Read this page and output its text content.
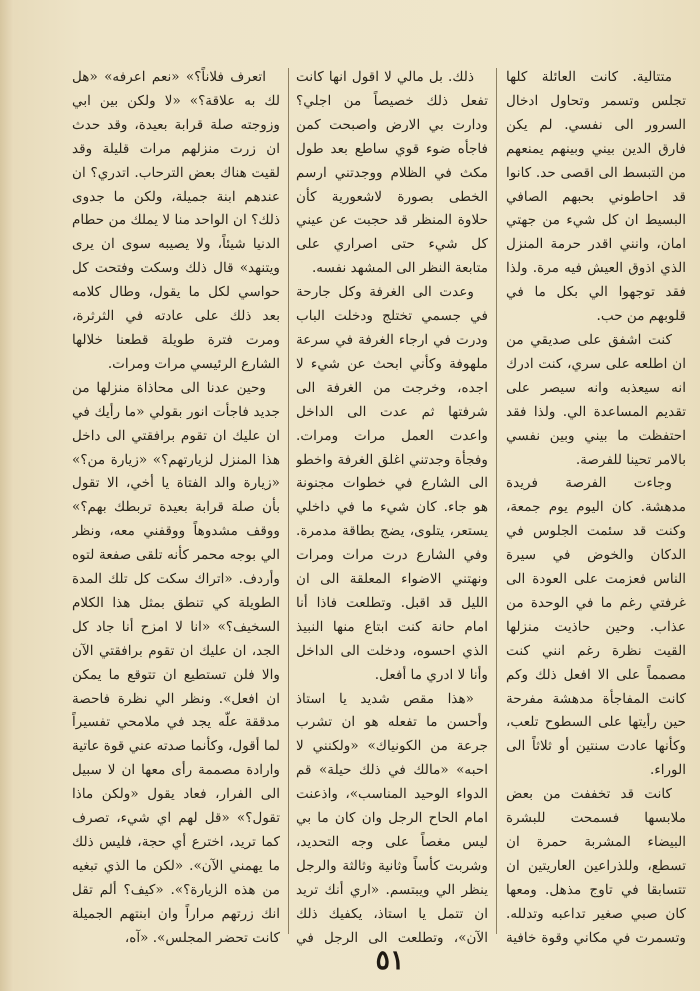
متتالية. كانت العائلة كلها تجلس وتسمر وتحاول ادخال السرور الى نفسي. لم يكن فارق الدين بيني وبينهم يمنعهم من التبسط الى اقصى حد. كانوا قد احاطوني بحبهم الصافي البسيط ان كل شيء من جهتي امان، وانني اقدر حرمة المنزل الذي اذوق العيش فيه مرة. ولذا فقد توجهوا الي بكل ما في قلوبهم من حب.

كنت اشفق على صديقي من ان اطلعه على سري، كنت ادرك انه سيعذبه وانه سيصر على تقديم المساعدة الي. ولذا فقد احتفظت ما بيني وبين نفسي بالامر تحينا للفرصة.

وجاءت الفرصة فريدة مدهشة. كان اليوم يوم جمعة، وكنت قد سئمت الجلوس في الدكان والخوض في سيرة الناس فعزمت على العودة الى غرفتي رغم ما في الوحدة من عذاب. وحين حاذيت منزلها القيت نظرة رغم انني كنت مصمماً على الا افعل ذلك وكم كانت المفاجأة مدهشة مفرحة حين رأيتها على السطوح تلعب، وكأنها عادت سنتين أو ثلاثاً الى الوراء.

كانت قد تخففت من بعض ملابسها فسمحت للبشرة البيضاء المشربة حمرة ان تسطع، وللذراعين العاريتين ان تتسابقا في تاوج مذهل. ومعها كان صبي صغير تداعبه وتدلله. وتسمرت في مكاني وقوة خافية

ذلك. بل مالي لا اقول انها كانت تفعل ذلك خصيصاً من اجلي؟ ودارت بي الارض واصبحت كمن فاجأه ضوء قوي ساطع بعد طول مكث في الظلام ووجدتني ارسم الخطى بصورة لاشعورية كأن حلاوة المنظر قد حجبت عن عيني كل شيء حتى اصراري على متابعة النظر الى المشهد نفسه.

وعدت الى الغرفة وكل جارحة في جسمي تختلج ودخلت الباب ودرت في ارجاء الغرفة في سرعة ملهوفة وكأني ابحث عن شيء لا اجده، وخرجت من الغرفة الى شرفتها ثم عدت الى الداخل واعدت العمل مرات ومرات. وفجأة وجدتني اغلق الغرفة واخطو الى الشارع في خطوات مجنونة هو جاء. كان شيء ما في داخلي يستعر، يتلوى، يضج بطاقة مدمرة. وفي الشارع درت مرات ومرات ونهتني الاضواء المعلقة الى ان الليل قد اقبل. وتطلعت فاذا أنا امام حانة كنت ابتاع منها النبيذ الذي احسوه، ودخلت الى الداخل وأنا لا ادري ما أفعل.

«هذا مقص شديد يا استاذ وأحسن ما تفعله هو ان تشرب جرعة من الكونياك» «ولكنني لا احبه» «مالك في ذلك حيلة» قم الدواء الوحيد المناسب»، واذعنت امام الحاح الرجل وان كان ما بي ليس مغصاً على وجه التحديد، وشربت كأساً وثانية وثالثة والرجل ينظر الي ويبتسم. «اري أنك تريد ان تتمل يا استاذ، يكفيك ذلك الآن»، وتطلعت الى الرجل في

اتعرف فلاناً؟» «نعم اعرفه» «هل لك به علاقة؟» «لا ولكن بين ابي وزوجته صلة قرابة بعيدة، وقد حدث ان زرت منزلهم مرات قليلة وقد لقيت هناك بعض الترحاب. اتدري؟ ان عندهم ابنة جميلة، ولكن ما جدوى ذلك؟ ان الواحد منا لا يملك من حطام الدنيا شيئاً، ولا يصيبه سوى ان يرى ويتنهد» قال ذلك وسكت وفتحت كل حواسي لكل ما يقول، وطال كلامه بعد ذلك على عادته في الثرثرة، ومرت فترة طويلة قطعنا خلالها الشارع الرئيسي مرات ومرات.

وحين عدنا الى محاذاة منزلها من جديد فاجأت انور بقولي «ما رأيك في ان عليك ان تقوم برافقتي الى داخل هذا المنزل لزيارتهم؟» «زيارة من؟» «زيارة والد الفتاة يا أخي، الا تقول بأن صلة قرابة بعيدة تربطك بهم؟» ووقف مشدوهاً ووقفني معه، ونظر الي بوجه محمر كأنه تلقى صفعة لتوه وأردف. «اتراك سكت كل تلك المدة الطويلة كي تنطق بمثل هذا الكلام السخيف؟» «انا لا امزح أنا جاد كل الجد، ان عليك ان تقوم برافقتي الآن والا فلن تستطيع ان تتوقع ما يمكن ان افعل». ونظر الي نظرة فاحصة مدققة علّه يجد في ملامحي تفسيراً لما أقول، وكأنما صدته عني قوة عاتية وارادة مصممة رأى معها ان لا سبيل الى الفرار، فعاد يقول «ولكن ماذا تقول؟» «قل لهم اي شيء، تصرف كما تريد، اخترع أي حجة، فليس ذلك ما يهمني الآن». «لكن ما الذي تبغيه من هذه الزيارة؟». «كيف؟ ألم تقل انك زرتهم مراراً وان ابنتهم الجميلة كانت تحضر المجلس». «آه،

٥١
